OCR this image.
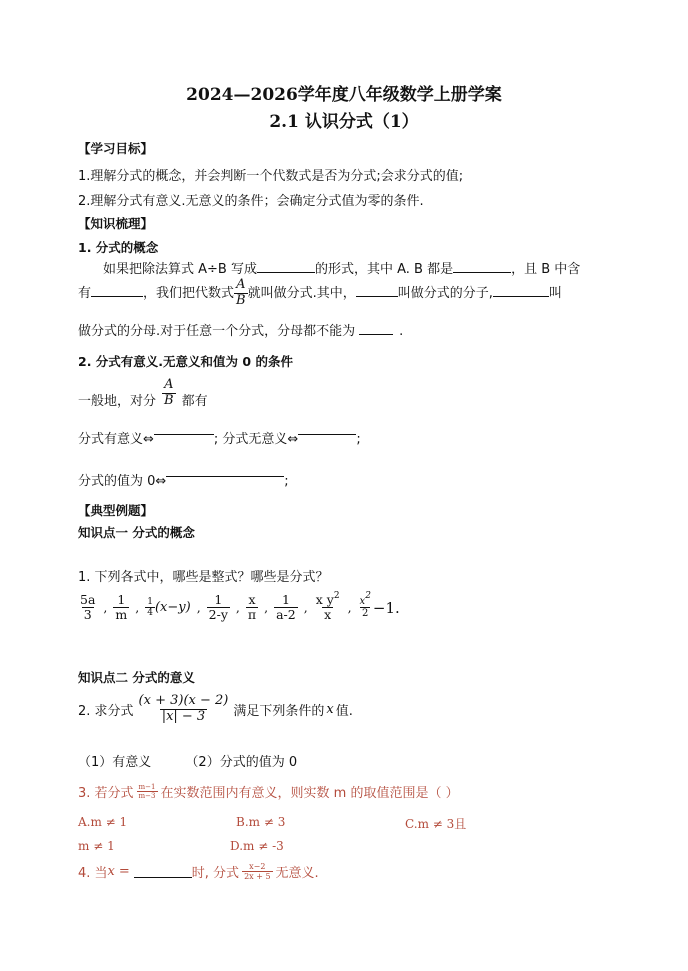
2024—2026学年度八年级数学上册学案
2.1 认识分式（1）
【学习目标】
1.理解分式的概念，并会判断一个代数式是否为分式;会求分式的值;
2.理解分式有意义.无意义的条件；会确定分式值为零的条件.
【知识梳理】
1. 分式的概念
如果把除法算式 A÷B 写成	的形式，其中 A. B 都是	，且 B 中含
有	，我们把代数式 $\frac{A}{B}$ 就叫做分式.其中，	叫做分式的分子,	叫
做分式的分母.对于任意一个分式，分母都不能为	.
2. 分式有意义.无意义和值为 0 的条件
一般地，对分 $\frac{A}{B}$ 都有
分式有意义⇔	; 分式无意义⇔	;
分式的值为 0⇔	;
【典型例题】
知识点一 分式的概念
1. 下列各式中，哪些是整式？哪些是分式？
$\frac{5a}{3}$ , $\frac{1}{m}$ , $\frac{1}{4} (x-y)$ , $\frac{1}{2-y}$ , $\frac{x}{\pi}$ , $\frac{1}{a-2}$ , $\frac{x y^2}{x}$ , $\frac{x2}{2} -1$.
知识点二 分式的意义
2. 求分式 $\frac{(x + 3)(x - 2)}{|x| - 3}$ 满足下列条件的 x 值.
（1）有意义	（2）分式的值为 0
3. 若分式 $\frac{m-1}{m-3}$ 在实数范围内有意义，则实数 m 的取值范围是（ ）
A.m ≠ 1	B.m ≠ 3	C.m ≠ 3且
m ≠ 1	D.m ≠ -3
4. 当 x =	时, 分式 $\frac{x-2}{2x + 5}$ 无意义.
